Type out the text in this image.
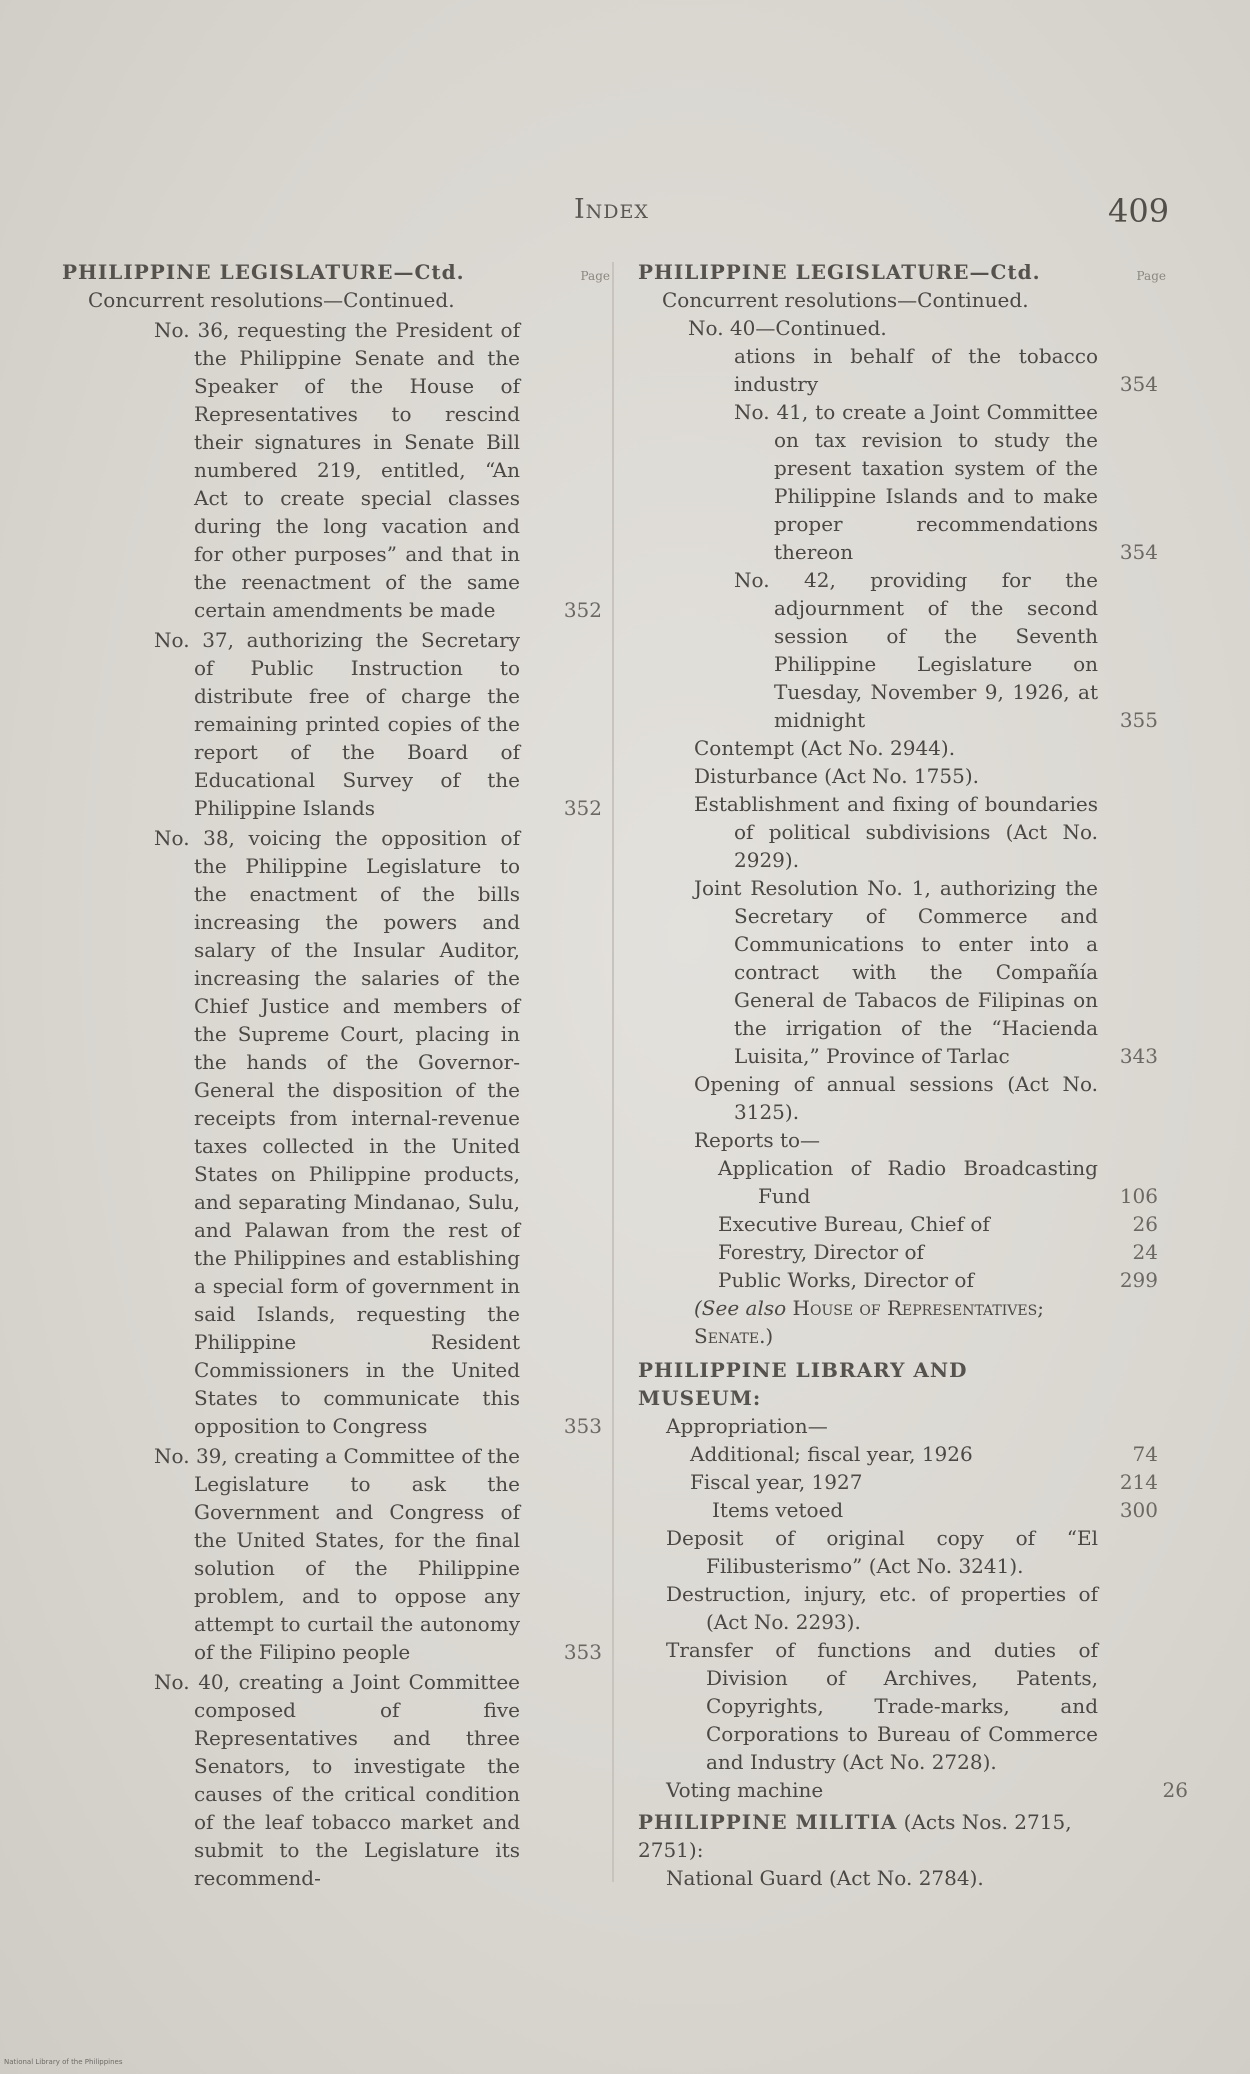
Index	409
PHILIPPINE LEGISLATURE—Ctd.	Page
Concurrent resolutions—Continued.
No. 36, requesting the President of the Philippine Senate and the Speaker of the House of Representatives to rescind their signatures in Senate Bill numbered 219, entitled, “An Act to create special classes during the long vacation and for other purposes” and that in the reenactment of the same certain amendments be made	352
No. 37, authorizing the Secretary of Public Instruction to distribute free of charge the remaining printed copies of the report of the Board of Educational Survey of the Philippine Islands	352
No. 38, voicing the opposition of the Philippine Legislature to the enactment of the bills increasing the powers and salary of the Insular Auditor, increasing the salaries of the Chief Justice and members of the Supreme Court, placing in the hands of the Governor-General the disposition of the receipts from internal-revenue taxes collected in the United States on Philippine products, and separating Mindanao, Sulu, and Palawan from the rest of the Philippines and establishing a special form of government in said Islands, requesting the Philippine Resident Commissioners in the United States to communicate this opposition to Congress	353
No. 39, creating a Committee of the Legislature to ask the Government and Congress of the United States, for the final solution of the Philippine problem, and to oppose any attempt to curtail the autonomy of the Filipino people	353
No. 40, creating a Joint Committee composed of five Representatives and three Senators, to investigate the causes of the critical condition of the leaf tobacco market and submit to the Legislature its recommend-
PHILIPPINE LEGISLATURE—Ctd.	Page
Concurrent resolutions—Continued.
No. 40—Continued.
ations in behalf of the tobacco industry	354
No. 41, to create a Joint Committee on tax revision to study the present taxation system of the Philippine Islands and to make proper recommendations thereon	354
No. 42, providing for the adjournment of the second session of the Seventh Philippine Legislature on Tuesday, November 9, 1926, at midnight	355
Contempt (Act No. 2944).
Disturbance (Act No. 1755).
Establishment and fixing of boundaries of political subdivisions (Act No. 2929).
Joint Resolution No. 1, authorizing the Secretary of Commerce and Communications to enter into a contract with the Compañía General de Tabacos de Filipinas on the irrigation of the “Hacienda Luisita,” Province of Tarlac	343
Opening of annual sessions (Act No. 3125).
Reports to—
Application of Radio Broadcasting Fund	106
Executive Bureau, Chief of	26
Forestry, Director of	24
Public Works, Director of	299
(See also House of Representatives; Senate.)
PHILIPPINE LIBRARY AND MUSEUM:
Appropriation—
Additional; fiscal year, 1926	74
Fiscal year, 1927	214
Items vetoed	300
Deposit of original copy of “El Filibusterismo” (Act No. 3241).
Destruction, injury, etc. of properties of (Act No. 2293).
Transfer of functions and duties of Division of Archives, Patents, Copyrights, Trade-marks, and Corporations to Bureau of Commerce and Industry (Act No. 2728).
Voting machine	26
PHILIPPINE MILITIA (Acts Nos. 2715, 2751):
National Guard (Act No. 2784).
National Library of the Philippines
